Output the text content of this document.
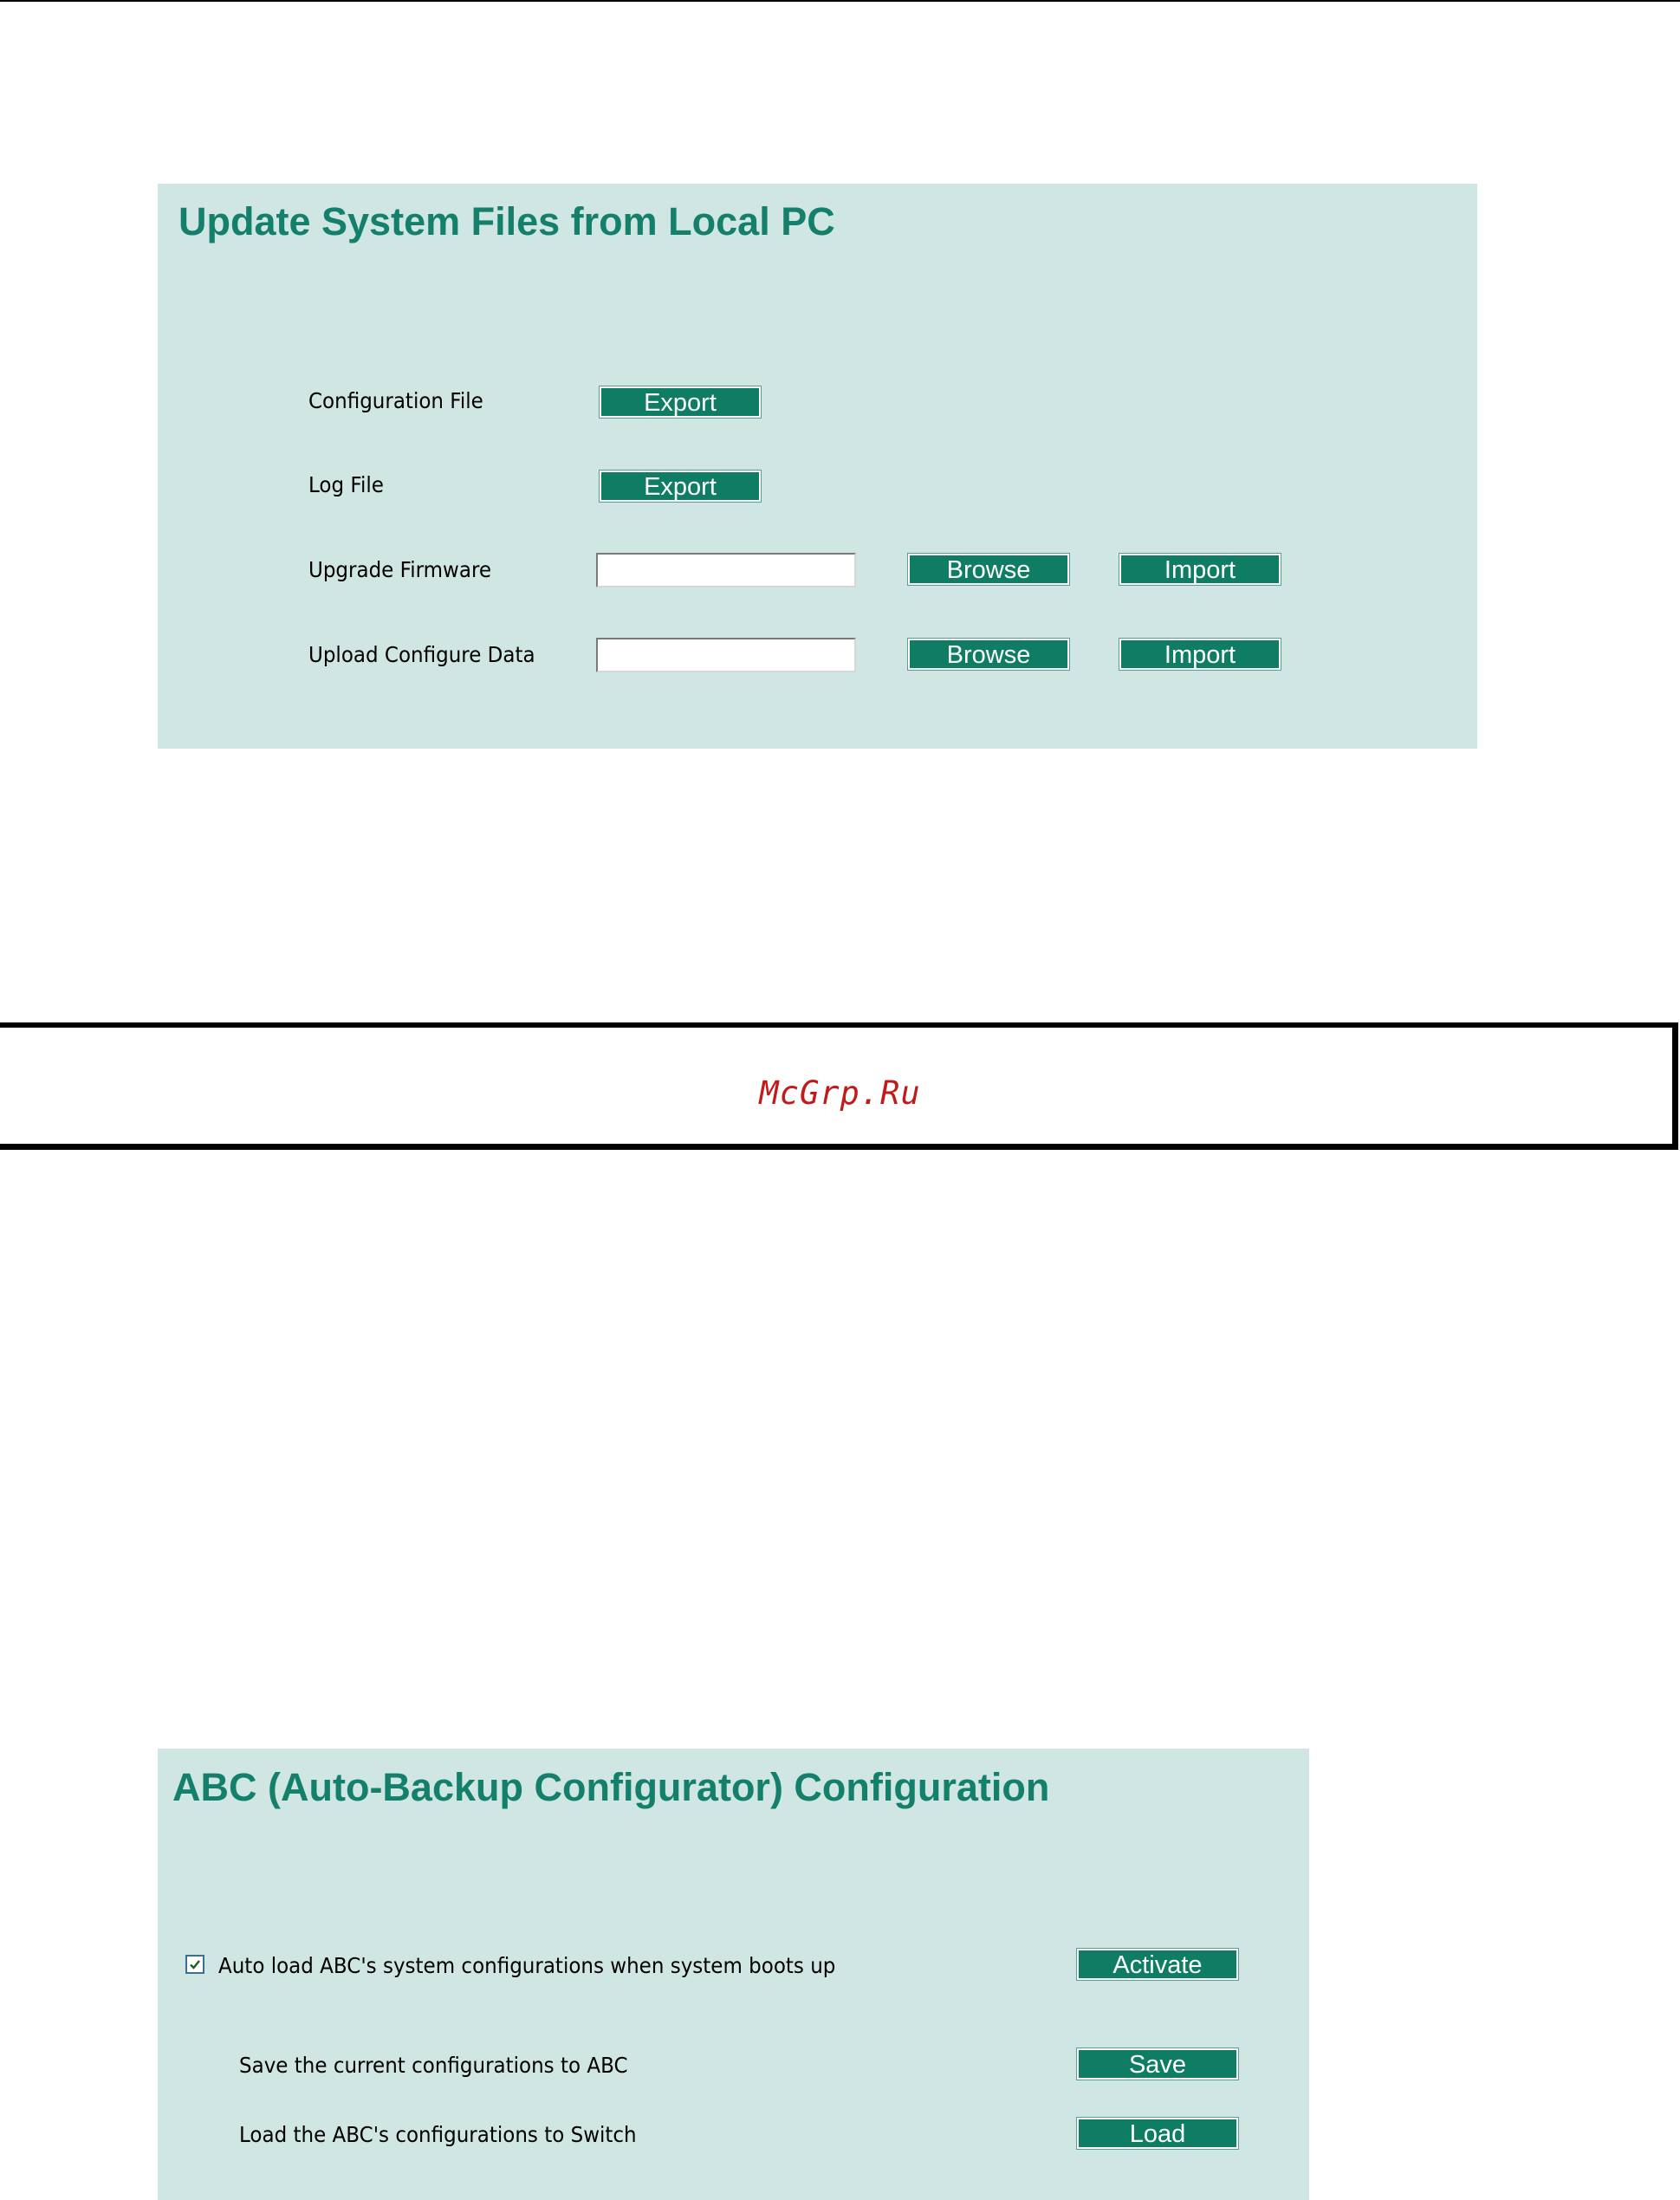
Update System Files from Local PC
Configuration File	Export
Log File	Export
Upgrade Firmware	Browse	Import
Upload Configure Data	Browse	Import
McGrp.Ru
ABC (Auto-Backup Configurator) Configuration
Auto load ABC's system configurations when system boots up	Activate
Save the current configurations to ABC	Save
Load the ABC's configurations to Switch	Load
